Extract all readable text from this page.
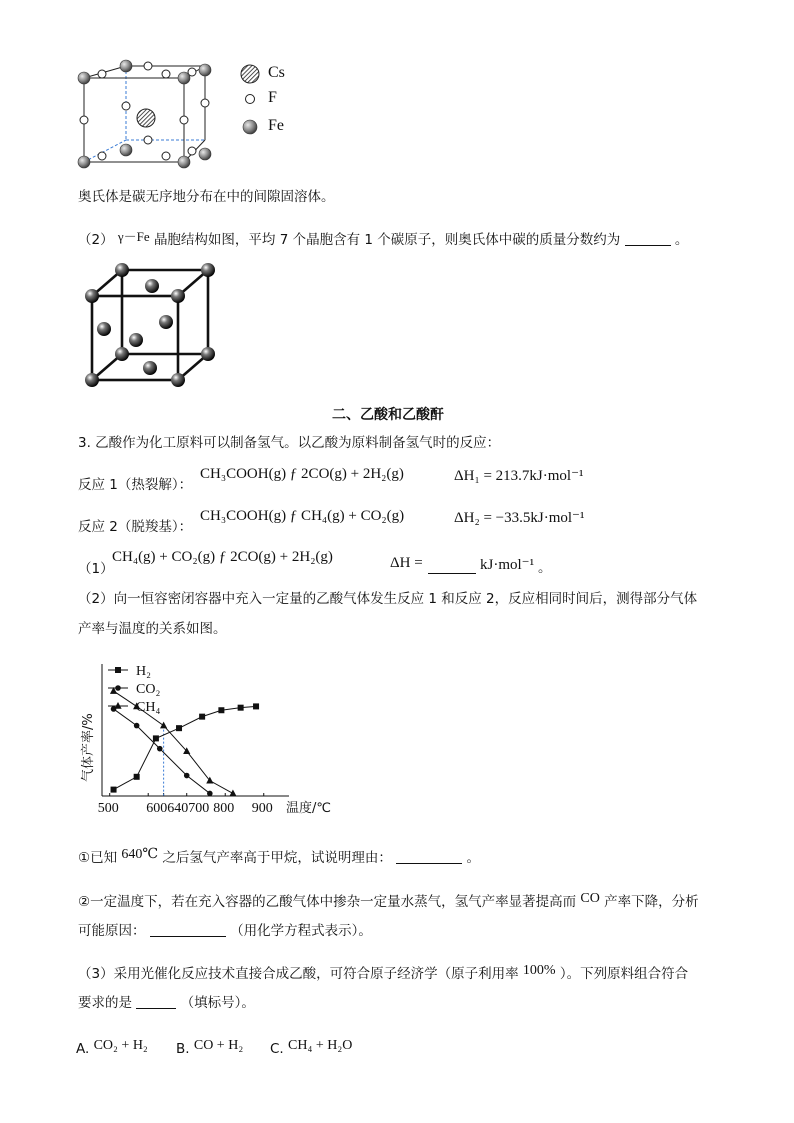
Cs
F
Fe
奥氏体是碳无序地分布在中的间隙固溶体。
（2） γ－Fe 晶胞结构如图，平均 7 个晶胞含有 1 个碳原子，则奥氏体中碳的质量分数约为	。
二、乙酸和乙酸酐
3. 乙酸作为化工原料可以制备氢气。以乙酸为原料制备氢气时的反应：
反应 1（热裂解）：
CH₃COOH(g) ƒ 2CO(g) + 2H₂(g)	ΔH₁ = 213.7kJ·mol⁻¹
反应 2（脱羧基）：
CH₃COOH(g) ƒ CH₄(g) + CO₂(g)	ΔH₂ = −33.5kJ·mol⁻¹
（1）
CH₄(g) + CO₂(g) ƒ 2CO(g) + 2H₂(g)	ΔH =	kJ·mol⁻¹ 。
（2）向一恒容密闭容器中充入一定量的乙酸气体发生反应 1 和反应 2，反应相同时间后，测得部分气体
产率与温度的关系如图。
500 600640700 800 900 温度/℃
气体产率/%
H₂
CO₂
CH₄
①已知 640℃ 之后氢气产率高于甲烷，试说明理由：	。
②一定温度下，若在充入容器的乙酸气体中掺杂一定量水蒸气，氢气产率显著提高而 CO 产率下降，分析
可能原因：	（用化学方程式表示）。
（3）采用光催化反应技术直接合成乙酸，可符合原子经济学（原子利用率 100% ）。下列原料组合符合
要求的是	（填标号）。
A. CO₂ + H₂ B. CO + H₂ C. CH₄ + H₂O
